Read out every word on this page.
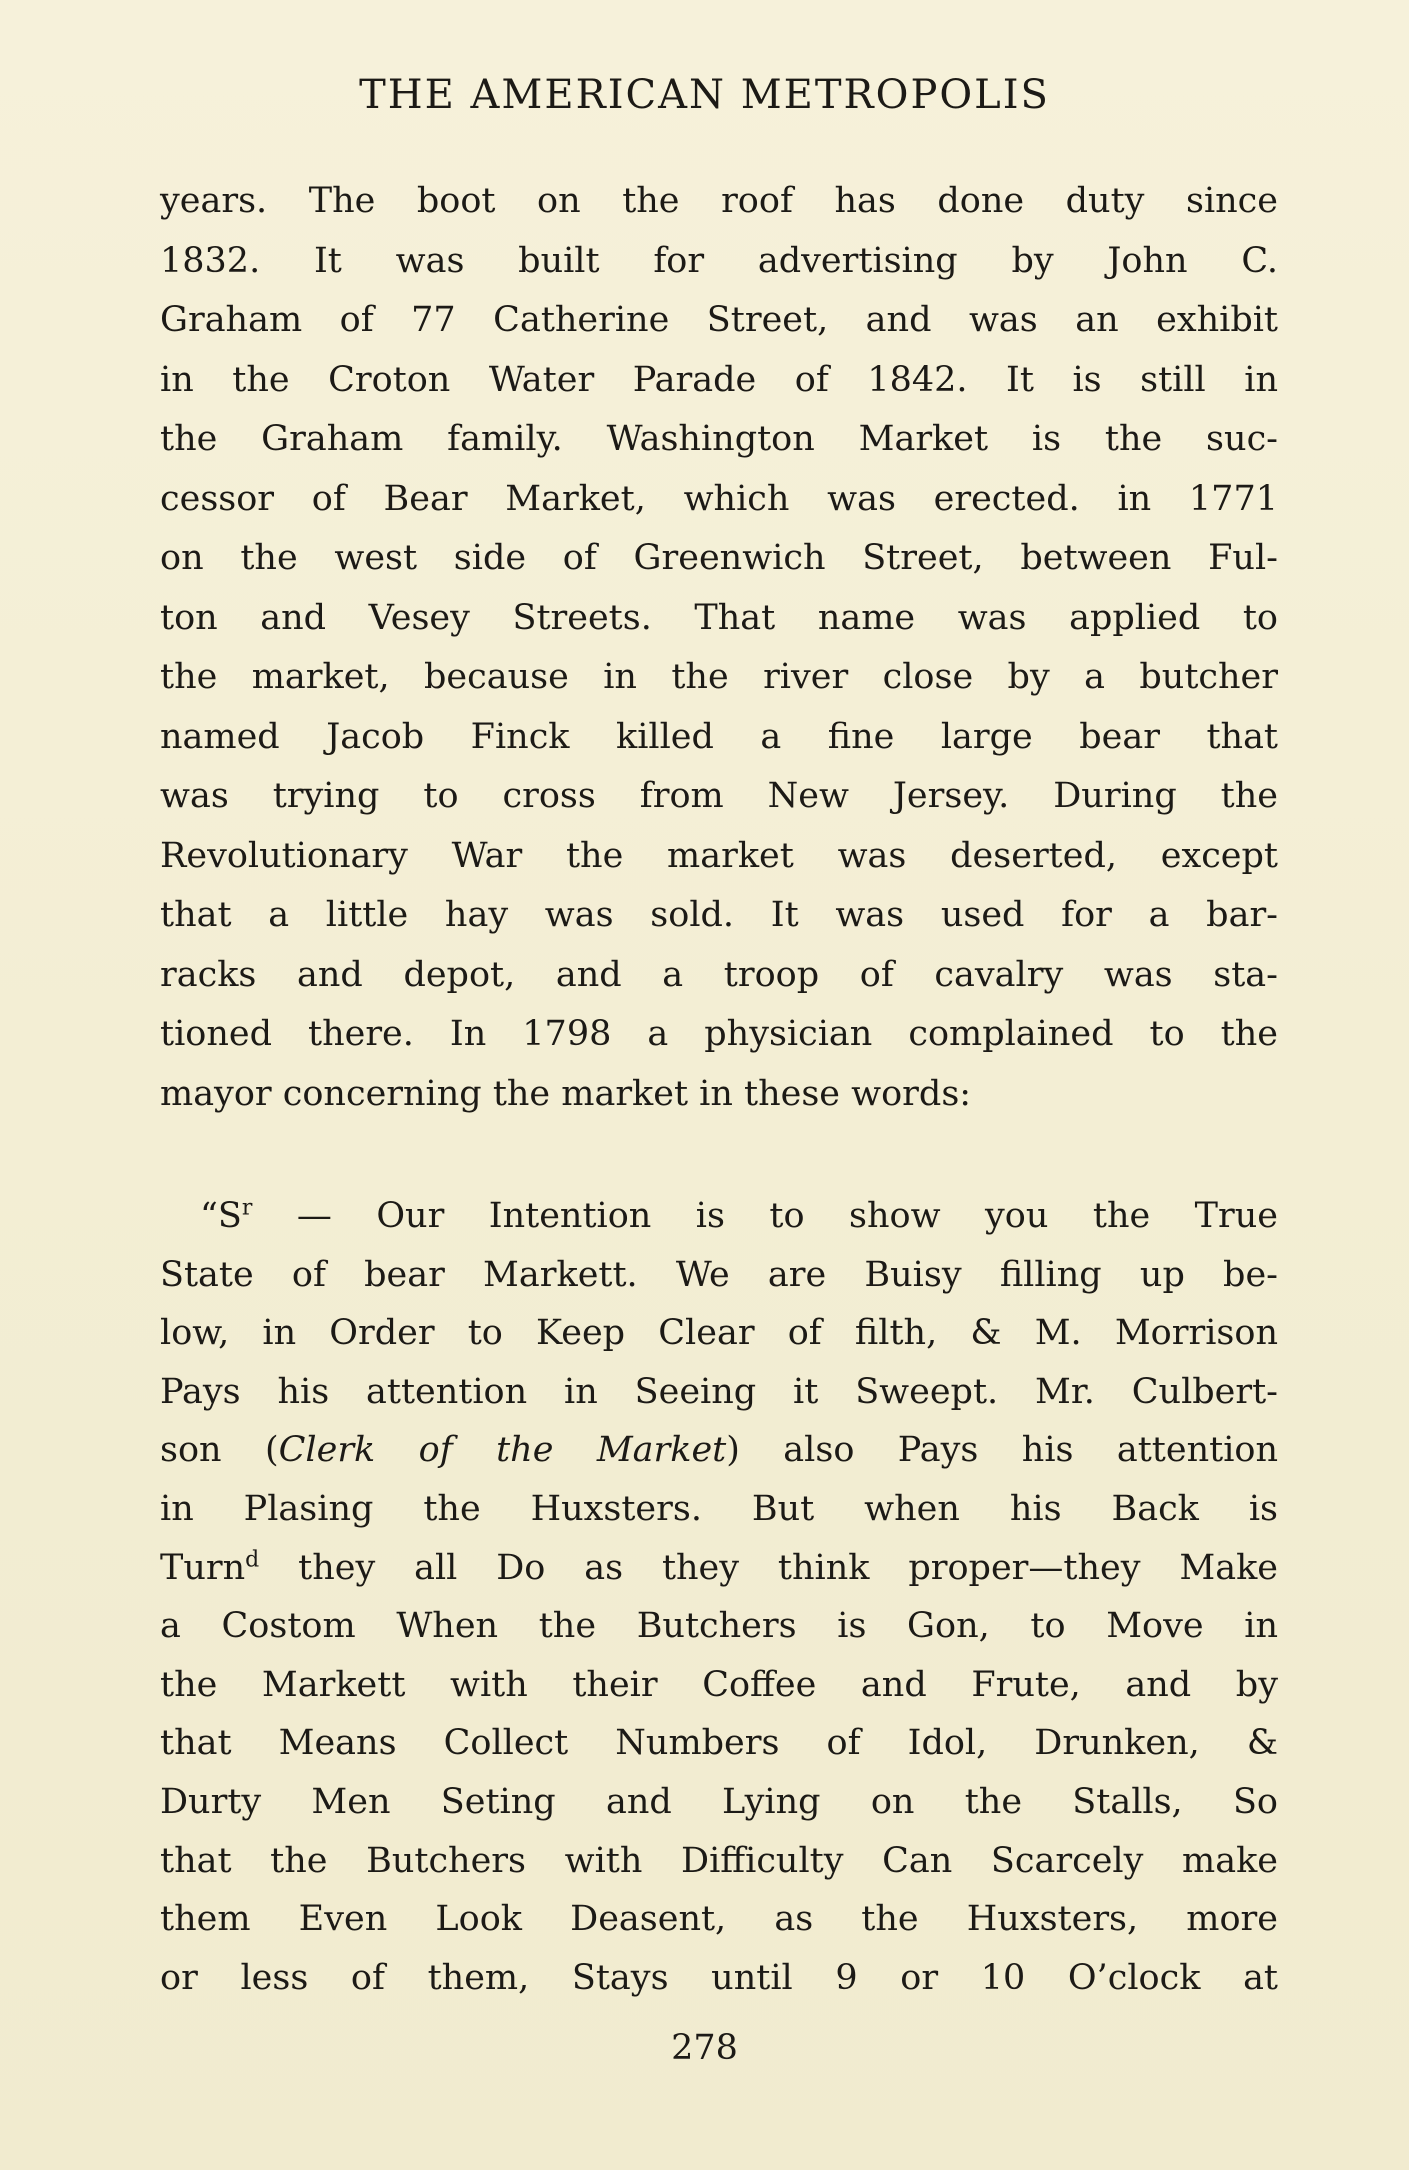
THE AMERICAN METROPOLIS
years. The boot on the roof has done duty since
1832. It was built for advertising by John C.
Graham of 77 Catherine Street, and was an exhibit
in the Croton Water Parade of 1842. It is still in
the Graham family. Washington Market is the suc-
cessor of Bear Market, which was erected. in 1771
on the west side of Greenwich Street, between Ful-
ton and Vesey Streets. That name was applied to
the market, because in the river close by a butcher
named Jacob Finck killed a fine large bear that
was trying to cross from New Jersey. During the
Revolutionary War the market was deserted, except
that a little hay was sold. It was used for a bar-
racks and depot, and a troop of cavalry was sta-
tioned there. In 1798 a physician complained to the
mayor concerning the market in these words:
“$S^r$ — Our Intention is to show you the True
State of bear Markett. We are Buisy filling up be-
low, in Order to Keep Clear of filth, & M. Morrison
Pays his attention in Seeing it Sweept. Mr. Culbert-
son (Clerk of the Market) also Pays his attention
in Plasing the Huxsters. But when his Back is
Turn$^d$ they all Do as they think proper—they Make
a Costom When the Butchers is Gon, to Move in
the Markett with their Coffee and Frute, and by
that Means Collect Numbers of Idol, Drunken, &
Durty Men Seting and Lying on the Stalls, So
that the Butchers with Difficulty Can Scarcely make
them Even Look Deasent, as the Huxsters, more
or less of them, Stays until 9 or 10 O’clock at
278
